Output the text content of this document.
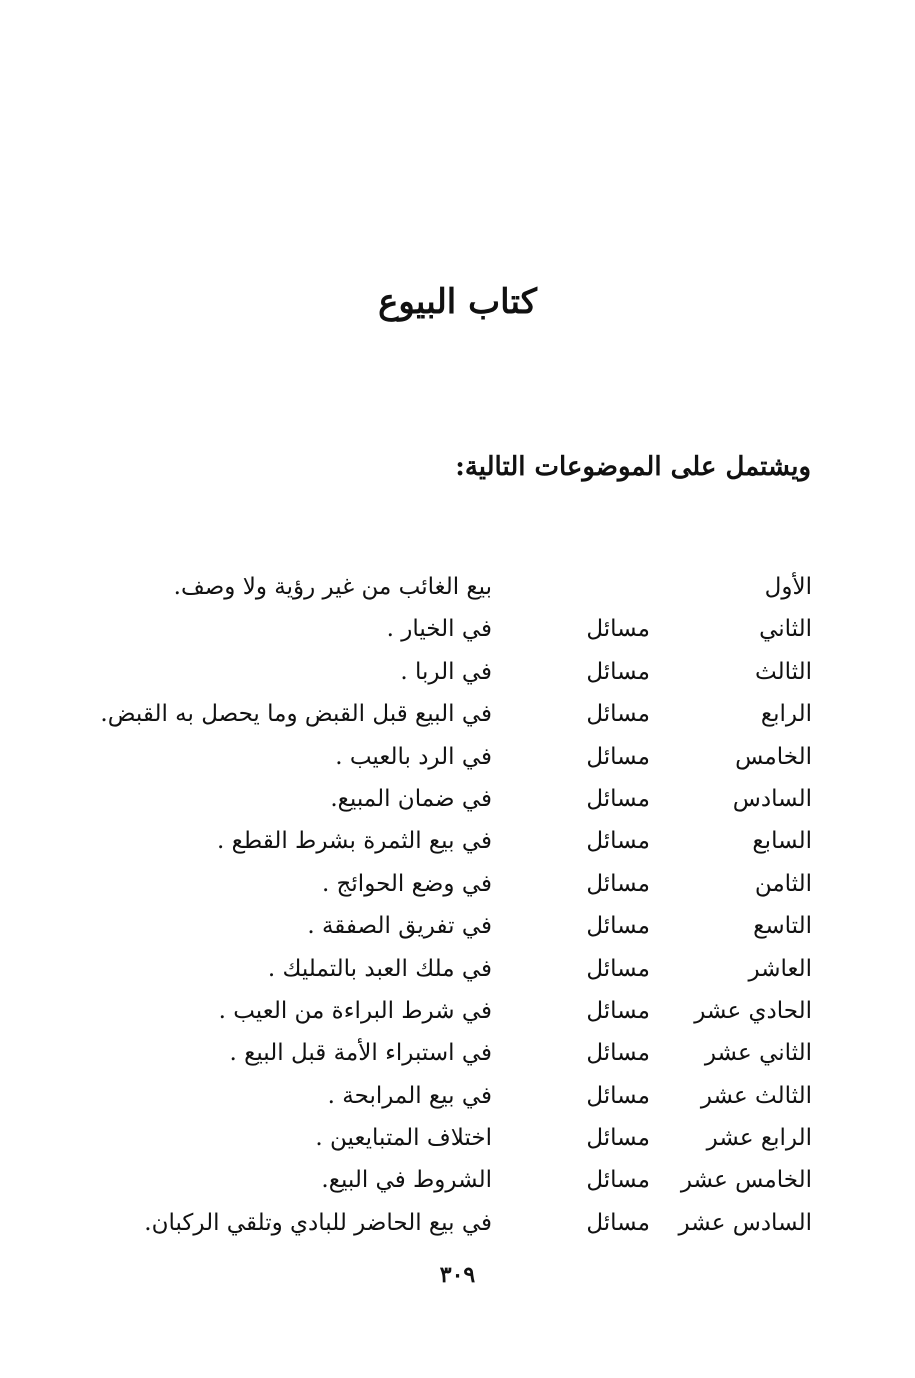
كتاب البيوع
ويشتمل على الموضوعات التالية:
الأول
بيع الغائب من غير رؤية ولا وصف.
الثاني
مسائل
في الخيار .
الثالث
مسائل
في الربا .
الرابع
مسائل
في البيع قبل القبض وما يحصل به القبض.
الخامس
مسائل
في الرد بالعيب .
السادس
مسائل
في ضمان المبيع.
السابع
مسائل
في بيع الثمرة بشرط القطع .
الثامن
مسائل
في وضع الحوائج .
التاسع
مسائل
في تفريق الصفقة .
العاشر
مسائل
في ملك العبد بالتمليك .
الحادي عشر
مسائل
في شرط البراءة من العيب .
الثاني عشر
مسائل
في استبراء الأمة قبل البيع .
الثالث عشر
مسائل
في بيع المرابحة .
الرابع عشر
مسائل
اختلاف المتبايعين .
الخامس عشر
مسائل
الشروط في البيع.
السادس عشر
مسائل
في بيع الحاضر للبادي وتلقي الركبان.
٣٠٩
